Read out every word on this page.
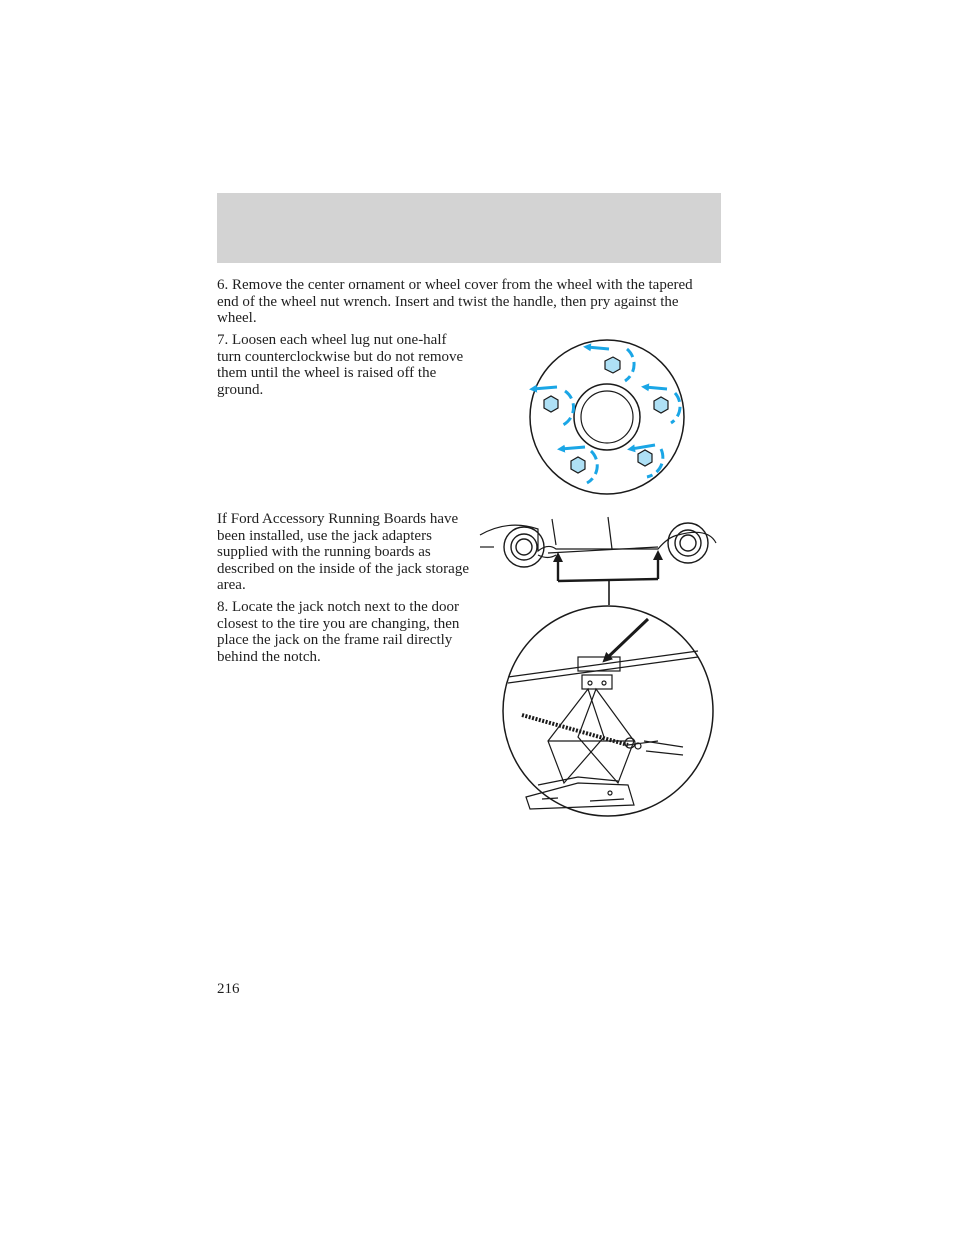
6. Remove the center ornament or wheel cover from the wheel with the tapered end of the wheel nut wrench. Insert and twist the handle, then pry against the wheel.

7. Loosen each wheel lug nut one-half turn counterclockwise but do not remove them until the wheel is raised off the ground.

If Ford Accessory Running Boards have been installed, use the jack adapters supplied with the running boards as described on the inside of the jack storage area.

8. Locate the jack notch next to the door closest to the tire you are changing, then place the jack on the frame rail directly behind the notch.

216
